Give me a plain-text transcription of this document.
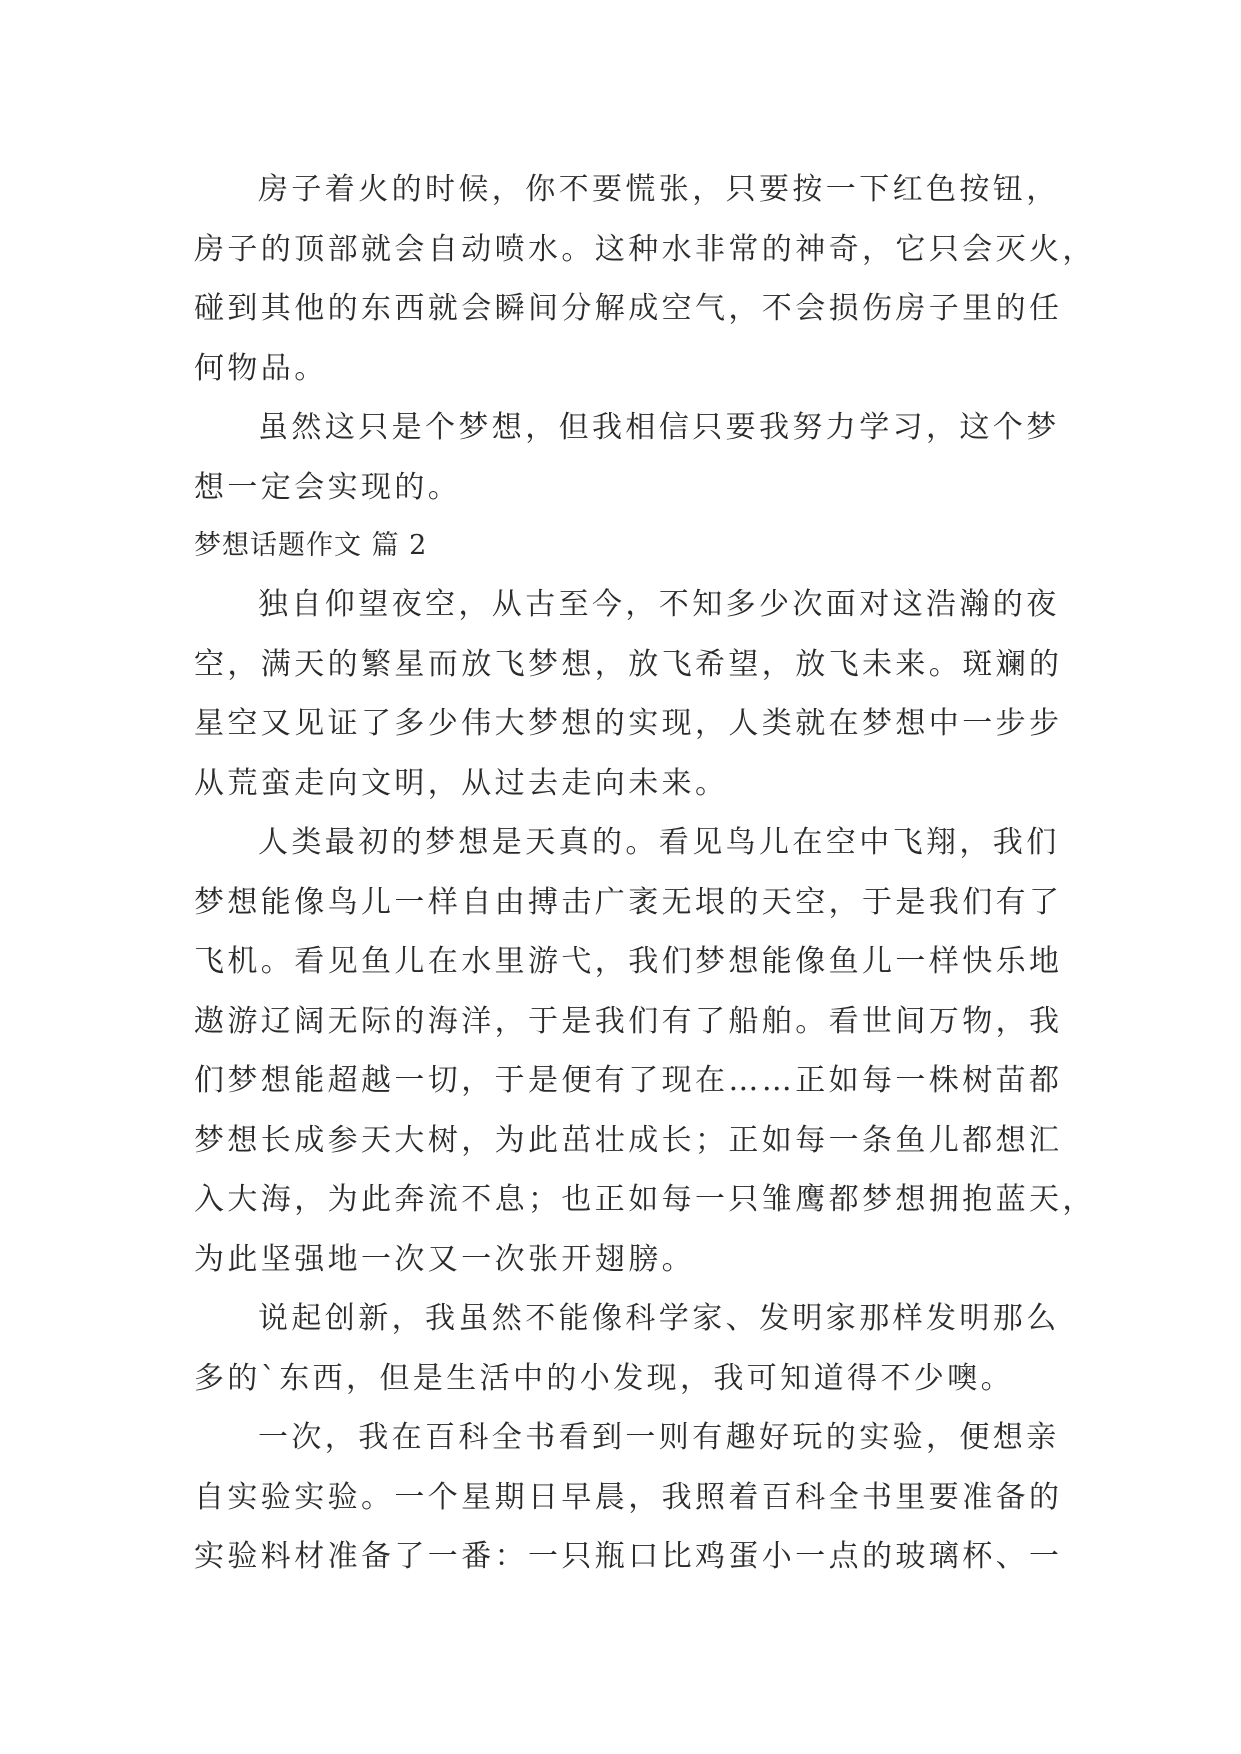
房子着火的时候，你不要慌张，只要按一下红色按钮，
房子的顶部就会自动喷水。这种水非常的神奇，它只会灭火，
碰到其他的东西就会瞬间分解成空气，不会损伤房子里的任
何物品。
虽然这只是个梦想，但我相信只要我努力学习，这个梦
想一定会实现的。
梦想话题作文 篇 2
独自仰望夜空，从古至今，不知多少次面对这浩瀚的夜
空，满天的繁星而放飞梦想，放飞希望，放飞未来。斑斓的
星空又见证了多少伟大梦想的实现，人类就在梦想中一步步
从荒蛮走向文明，从过去走向未来。
人类最初的梦想是天真的。看见鸟儿在空中飞翔，我们
梦想能像鸟儿一样自由搏击广袤无垠的天空，于是我们有了
飞机。看见鱼儿在水里游弋，我们梦想能像鱼儿一样快乐地
遨游辽阔无际的海洋，于是我们有了船舶。看世间万物，我
们梦想能超越一切，于是便有了现在……正如每一株树苗都
梦想长成参天大树，为此茁壮成长；正如每一条鱼儿都想汇
入大海，为此奔流不息；也正如每一只雏鹰都梦想拥抱蓝天，
为此坚强地一次又一次张开翅膀。
说起创新，我虽然不能像科学家、发明家那样发明那么
多的`东西，但是生活中的小发现，我可知道得不少噢。
一次，我在百科全书看到一则有趣好玩的实验，便想亲
自实验实验。一个星期日早晨，我照着百科全书里要准备的
实验料材准备了一番：一只瓶口比鸡蛋小一点的玻璃杯、一
